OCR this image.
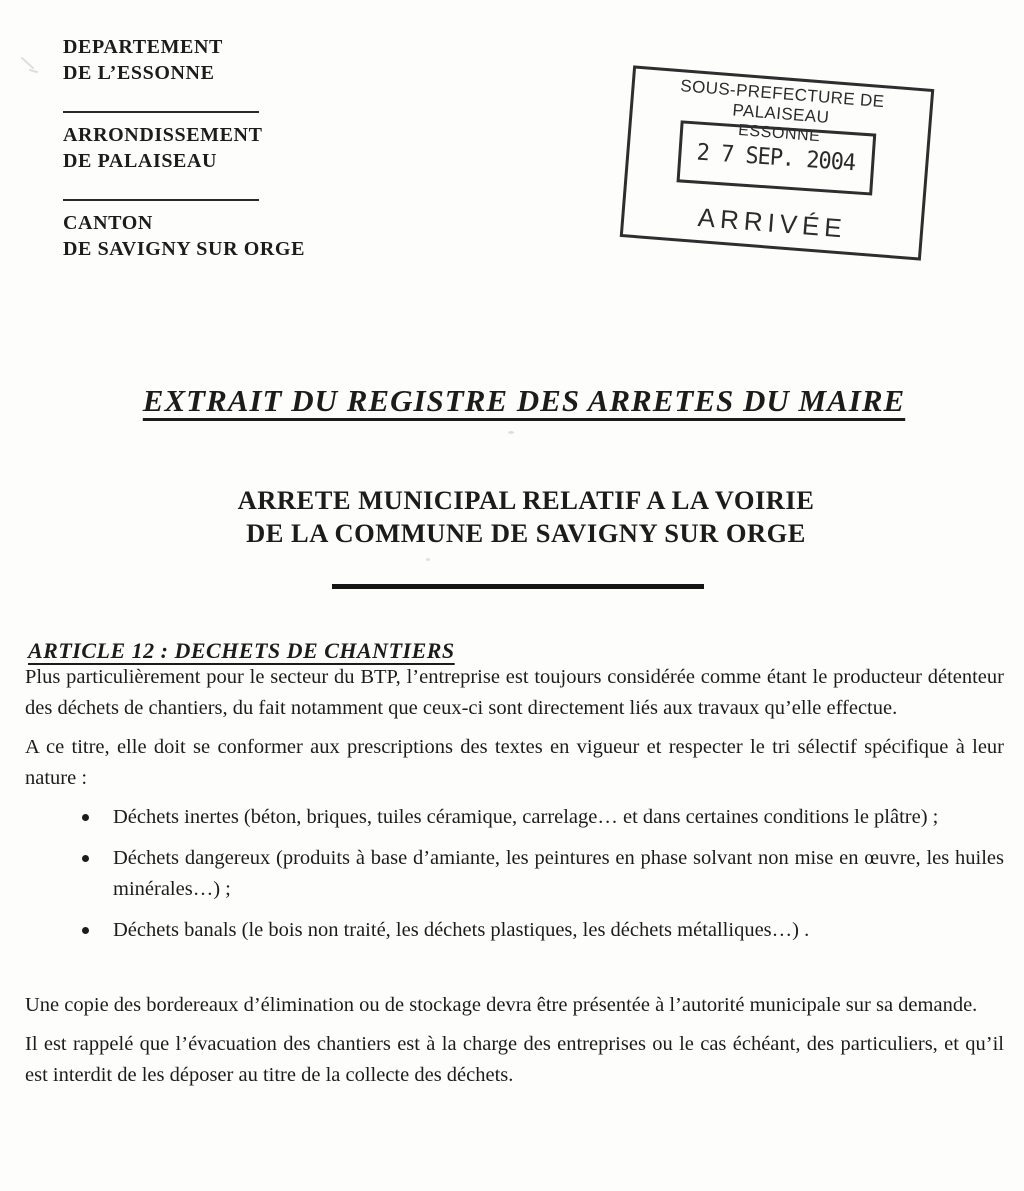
DEPARTEMENT
DE L’ESSONNE
ARRONDISSEMENT
DE PALAISEAU
CANTON
DE SAVIGNY SUR ORGE
SOUS-PREFECTURE DE PALAISEAU
ESSONNE
2 7 SEP. 2004
ARRIVÉE
EXTRAIT DU REGISTRE DES ARRETES DU MAIRE
ARRETE MUNICIPAL RELATIF A LA VOIRIE
DE LA COMMUNE DE SAVIGNY SUR ORGE
ARTICLE 12 : DECHETS DE CHANTIERS

Plus particulièrement pour le secteur du BTP, l’entreprise est toujours considérée comme étant le producteur détenteur des déchets de chantiers, du fait notamment que ceux-ci sont directement liés aux travaux qu’elle effectue.

A ce titre, elle doit se conformer aux prescriptions des textes en vigueur et respecter le tri sélectif spécifique à leur nature :

Déchets inertes (béton, briques, tuiles céramique, carrelage… et dans certaines conditions le plâtre) ;
Déchets dangereux (produits à base d’amiante, les peintures en phase solvant non mise en œuvre, les huiles minérales…) ;
Déchets banals (le bois non traité, les déchets plastiques, les déchets métalliques…) .

Une copie des bordereaux d’élimination ou de stockage devra être présentée à l’autorité municipale sur sa demande.

Il est rappelé que l’évacuation des chantiers est à la charge des entreprises ou le cas échéant, des particuliers, et qu’il est interdit de les déposer au titre de la collecte des déchets.
